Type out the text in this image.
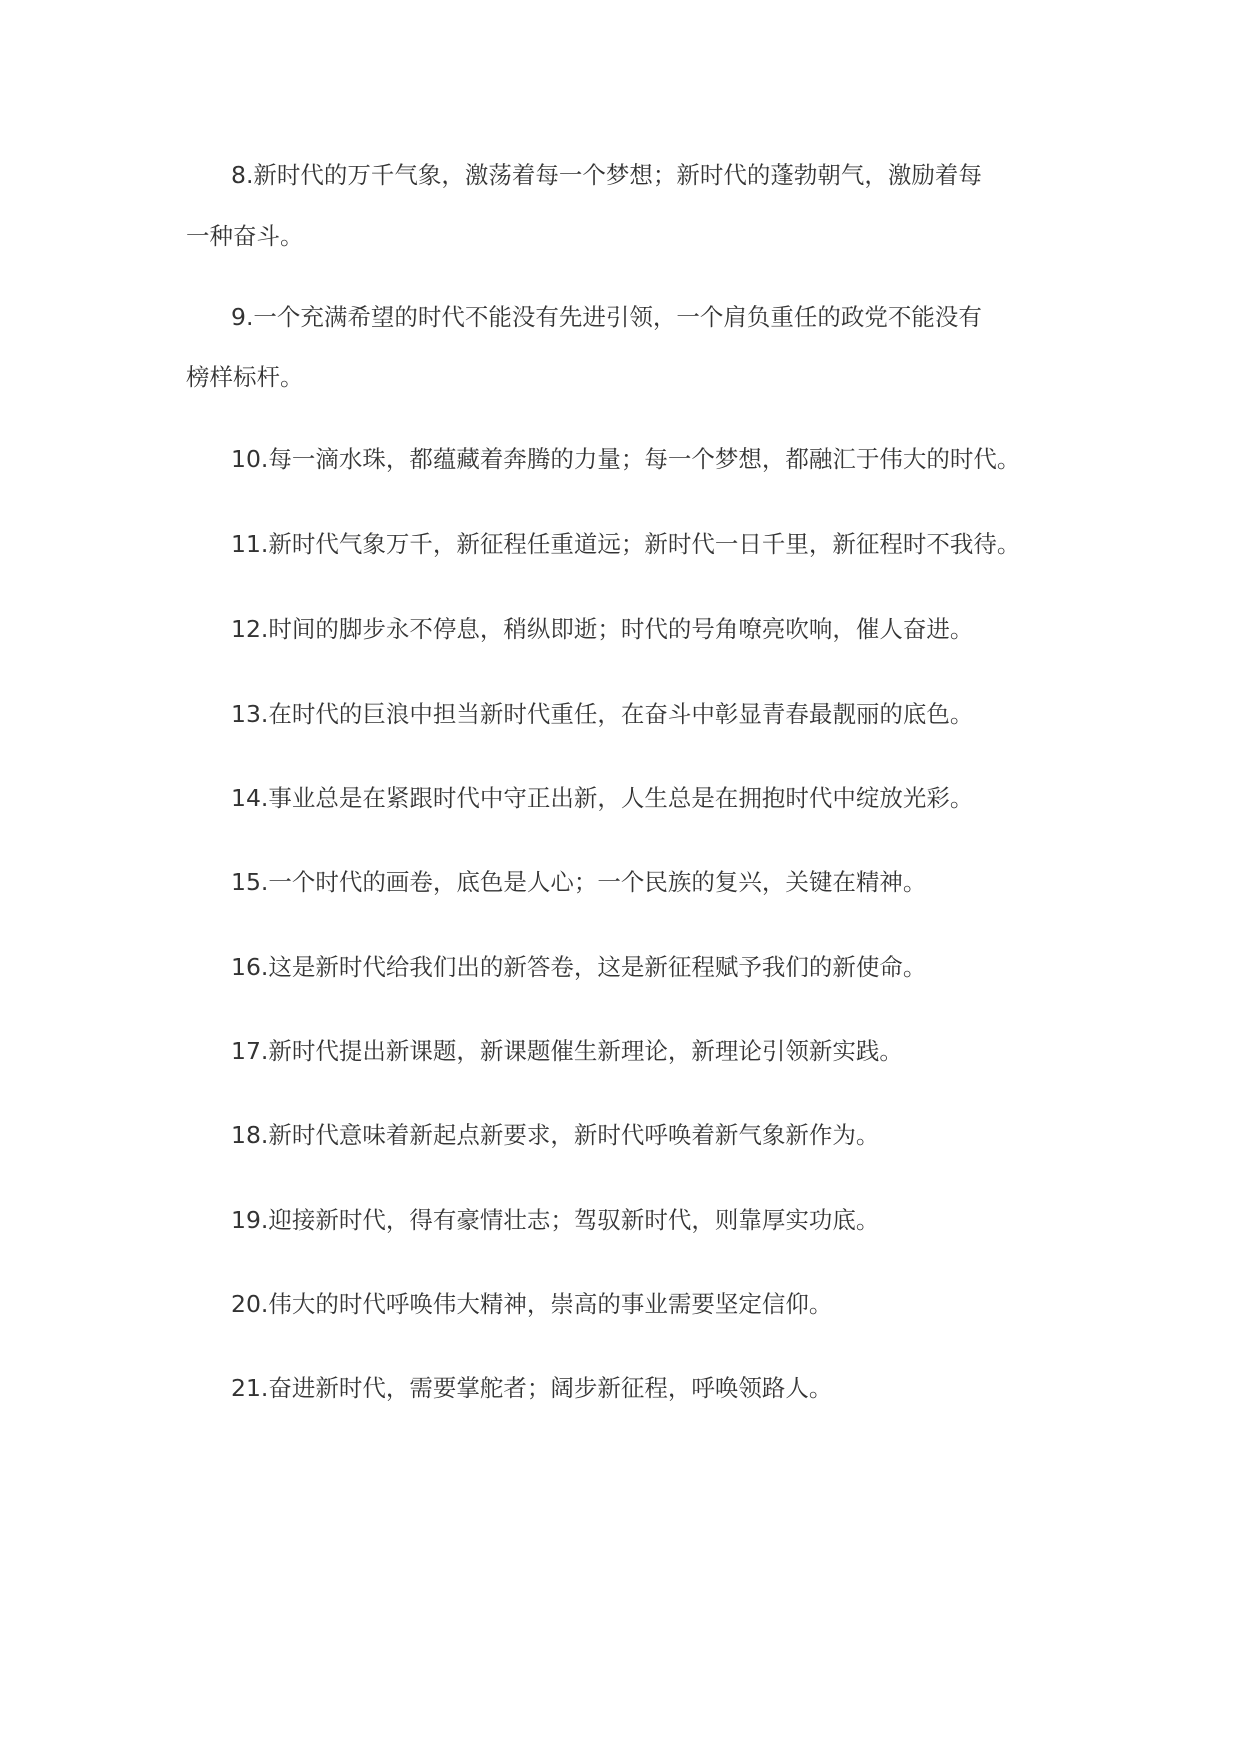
8.新时代的万千气象，激荡着每一个梦想；新时代的蓬勃朝气，激励着每

一种奋斗。

9.一个充满希望的时代不能没有先进引领，一个肩负重任的政党不能没有

榜样标杆。

10.每一滴水珠，都蕴藏着奔腾的力量；每一个梦想，都融汇于伟大的时代。

11.新时代气象万千，新征程任重道远；新时代一日千里，新征程时不我待。

12.时间的脚步永不停息，稍纵即逝；时代的号角嘹亮吹响，催人奋进。

13.在时代的巨浪中担当新时代重任，在奋斗中彰显青春最靓丽的底色。

14.事业总是在紧跟时代中守正出新，人生总是在拥抱时代中绽放光彩。

15.一个时代的画卷，底色是人心；一个民族的复兴，关键在精神。

16.这是新时代给我们出的新答卷，这是新征程赋予我们的新使命。

17.新时代提出新课题，新课题催生新理论，新理论引领新实践。

18.新时代意味着新起点新要求，新时代呼唤着新气象新作为。

19.迎接新时代，得有豪情壮志；驾驭新时代，则靠厚实功底。

20.伟大的时代呼唤伟大精神，崇高的事业需要坚定信仰。

21.奋进新时代，需要掌舵者；阔步新征程，呼唤领路人。
